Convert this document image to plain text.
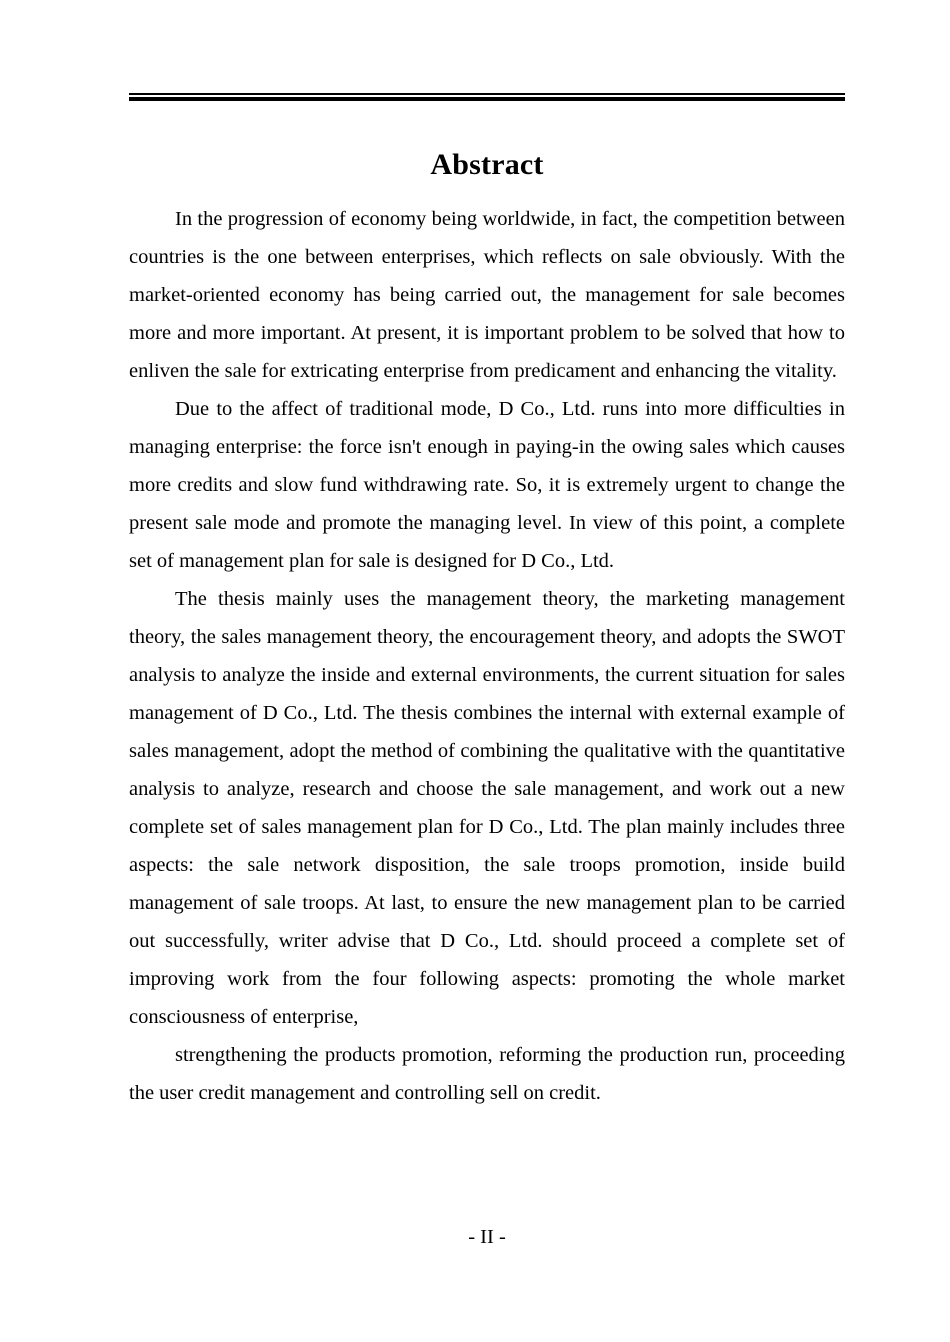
Abstract

In the progression of economy being worldwide, in fact, the competition between countries is the one between enterprises, which reflects on sale obviously. With the market-oriented economy has being carried out, the management for sale becomes more and more important. At present, it is important problem to be solved that how to enliven the sale for extricating enterprise from predicament and enhancing the vitality.

Due to the affect of traditional mode, D Co., Ltd. runs into more difficulties in managing enterprise: the force isn't enough in paying-in the owing sales which causes more credits and slow fund withdrawing rate. So, it is extremely urgent to change the present sale mode and promote the managing level. In view of this point, a complete set of management plan for sale is designed for D Co., Ltd.

The thesis mainly uses the management theory, the marketing management theory, the sales management theory, the encouragement theory, and adopts the SWOT analysis to analyze the inside and external environments, the current situation for sales management of D Co., Ltd. The thesis combines the internal with external example of sales management, adopt the method of combining the qualitative with the quantitative analysis to analyze, research and choose the sale management, and work out a new complete set of sales management plan for D Co., Ltd. The plan mainly includes three aspects: the sale network disposition, the sale troops promotion, inside build management of sale troops. At last, to ensure the new management plan to be carried out successfully, writer advise that D Co., Ltd. should proceed a complete set of improving work from the four following aspects: promoting the whole market consciousness of enterprise,

strengthening the products promotion, reforming the production run, proceeding the user credit management and controlling sell on credit.

- II -
